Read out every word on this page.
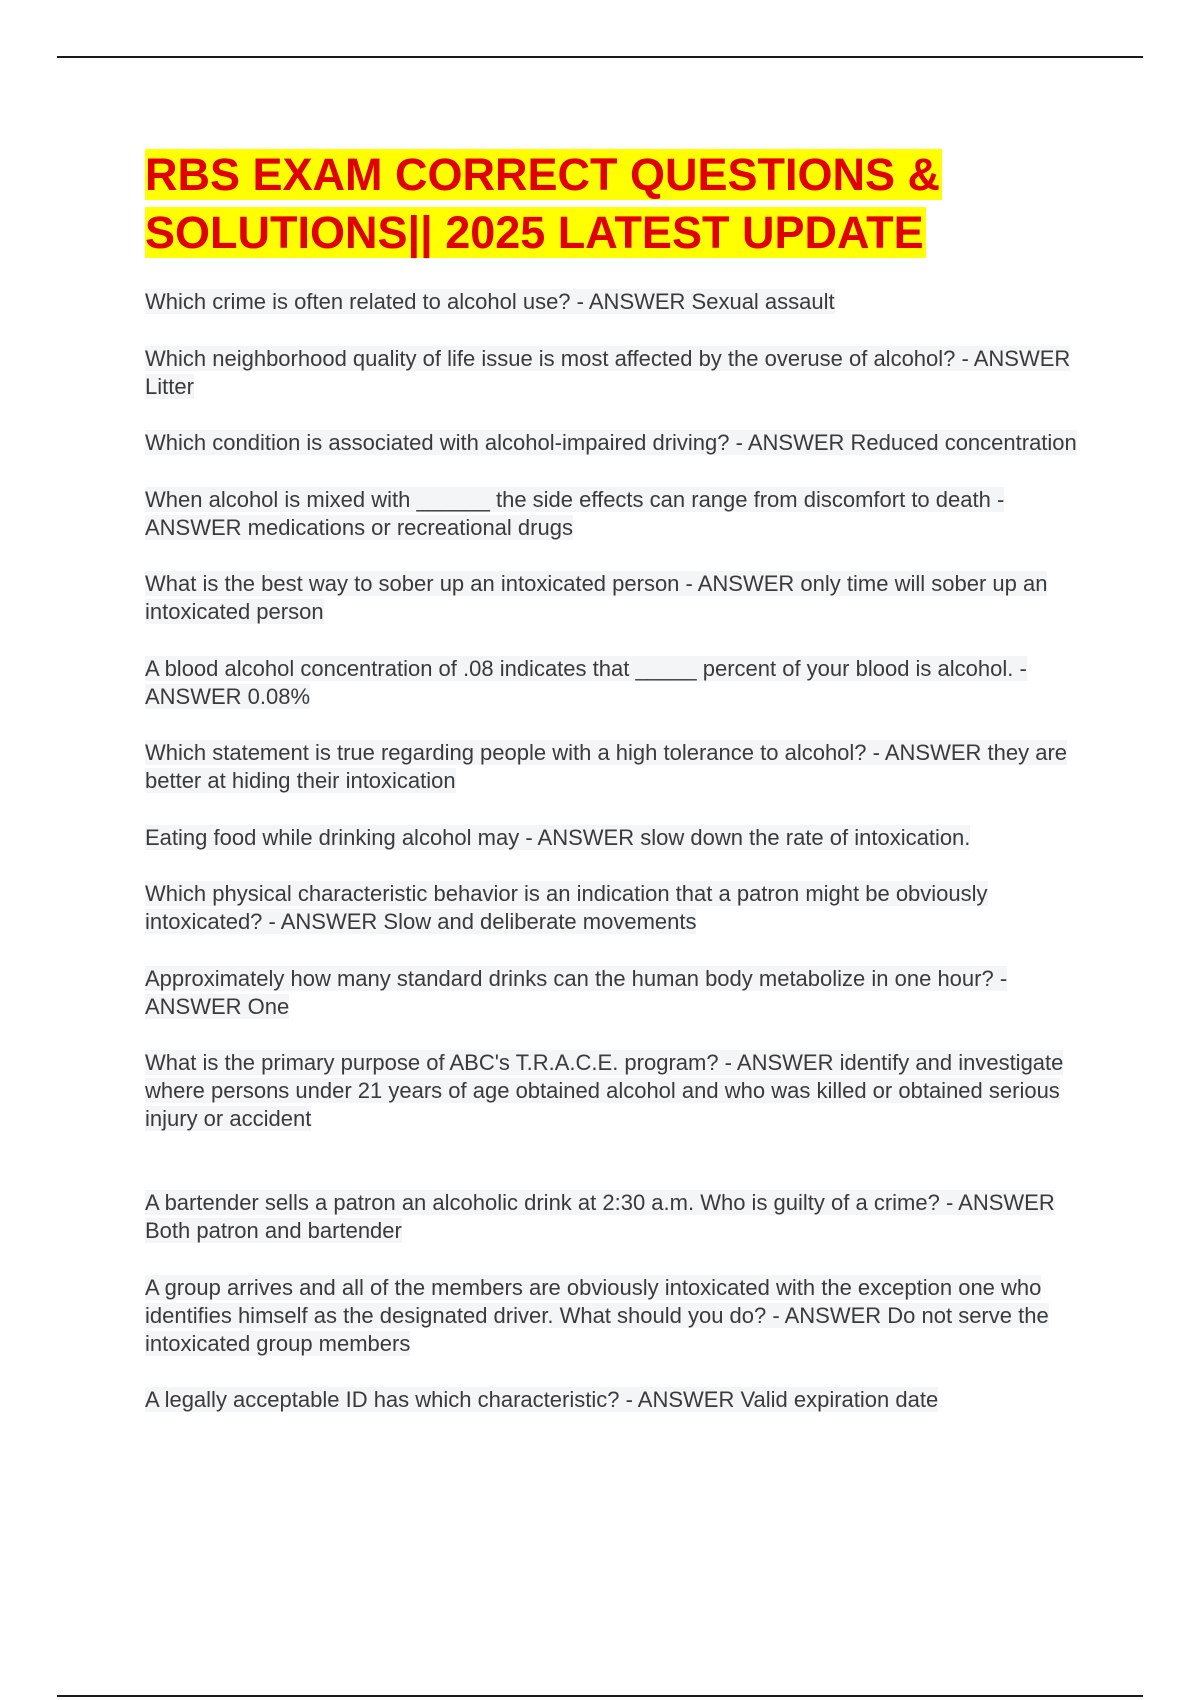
RBS EXAM CORRECT QUESTIONS &
SOLUTIONS|| 2025 LATEST UPDATE
Which crime is often related to alcohol use? - ANSWER Sexual assault
Which neighborhood quality of life issue is most affected by the overuse of alcohol? - ANSWER Litter
Which condition is associated with alcohol-impaired driving? - ANSWER Reduced concentration
When alcohol is mixed with ______ the side effects can range from discomfort to death - ANSWER medications or recreational drugs
What is the best way to sober up an intoxicated person - ANSWER only time will sober up an intoxicated person
A blood alcohol concentration of .08 indicates that _____ percent of your blood is alcohol. - ANSWER 0.08%
Which statement is true regarding people with a high tolerance to alcohol? - ANSWER they are better at hiding their intoxication
Eating food while drinking alcohol may - ANSWER slow down the rate of intoxication.
Which physical characteristic behavior is an indication that a patron might be obviously intoxicated? - ANSWER Slow and deliberate movements
Approximately how many standard drinks can the human body metabolize in one hour? - ANSWER One
What is the primary purpose of ABC's T.R.A.C.E. program? - ANSWER identify and investigate where persons under 21 years of age obtained alcohol and who was killed or obtained serious injury or accident
A bartender sells a patron an alcoholic drink at 2:30 a.m. Who is guilty of a crime? - ANSWER Both patron and bartender
A group arrives and all of the members are obviously intoxicated with the exception one who identifies himself as the designated driver. What should you do? - ANSWER Do not serve the intoxicated group members
A legally acceptable ID has which characteristic? - ANSWER Valid expiration date
